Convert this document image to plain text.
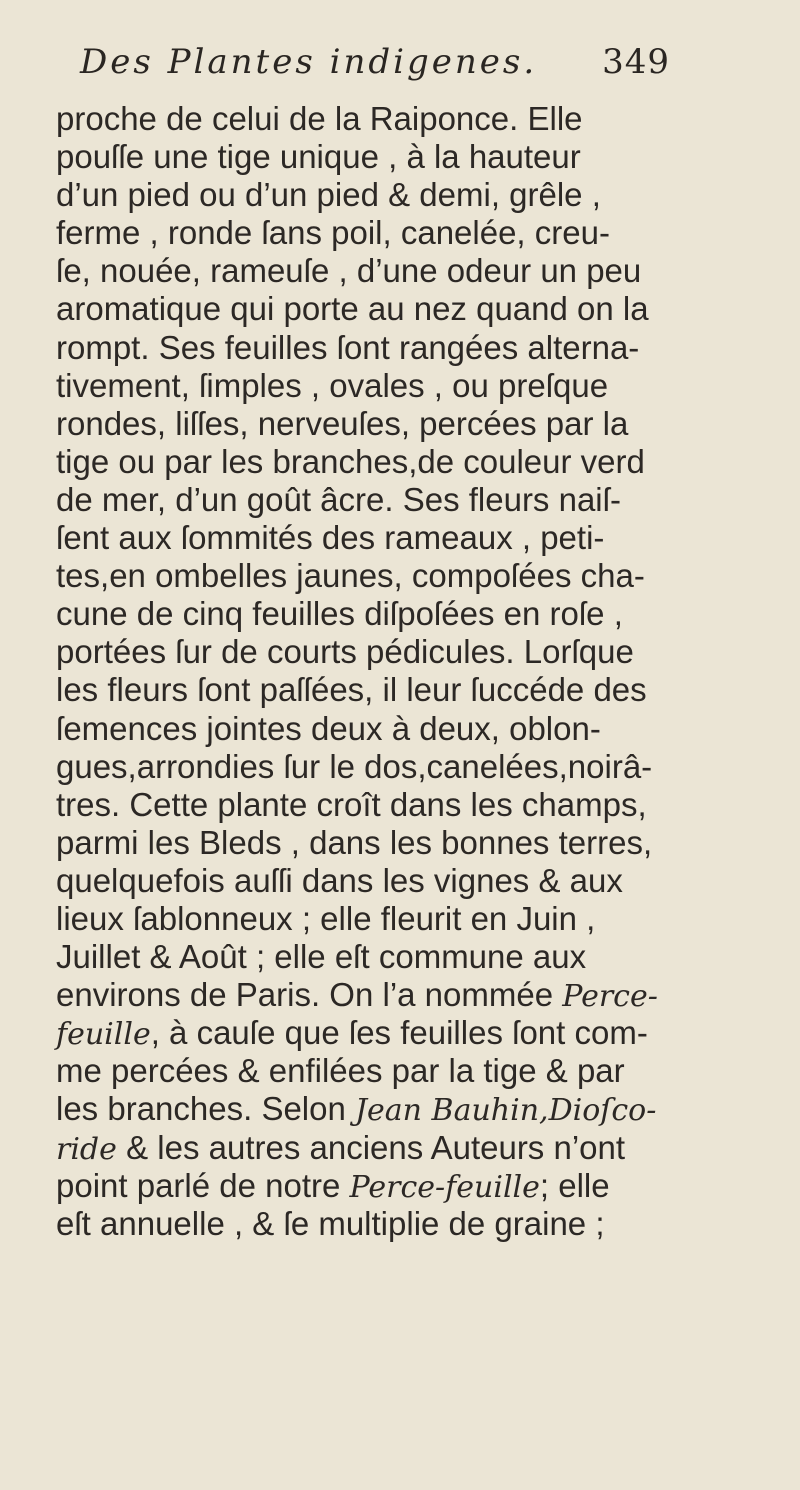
Des Plantes indigenes. 349
proche de celui de la Raiponce. Elle
pouſſe une tige unique , à la hauteur
d’un pied ou d’un pied & demi, grêle ,
ferme , ronde ſans poil, canelée, creu-
ſe, nouée, rameuſe , d’une odeur un peu
aromatique qui porte au nez quand on la
rompt. Ses feuilles ſont rangées alterna-
tivement, ſimples , ovales , ou preſque
rondes, liſſes, nerveuſes, percées par la
tige ou par les branches,de couleur verd
de mer, d’un goût âcre. Ses fleurs naiſ-
ſent aux ſommités des rameaux , peti-
tes,en ombelles jaunes, compoſées cha-
cune de cinq feuilles diſpoſées en roſe ,
portées ſur de courts pédicules. Lorſque
les fleurs ſont paſſées, il leur ſuccéde des
ſemences jointes deux à deux, oblon-
gues,arrondies ſur le dos,canelées,noirâ-
tres. Cette plante croît dans les champs,
parmi les Bleds , dans les bonnes terres,
quelquefois auſſi dans les vignes & aux
lieux ſablonneux ; elle fleurit en Juin ,
Juillet & Août ; elle eſt commune aux
environs de Paris. On l’a nommée Perce-
feuille, à cauſe que ſes feuilles ſont com-
me percées & enfilées par la tige & par
les branches. Selon Jean Bauhin,Dioſco-
ride & les autres anciens Auteurs n’ont
point parlé de notre Perce-feuille; elle
eſt annuelle , & ſe multiplie de graine ;
